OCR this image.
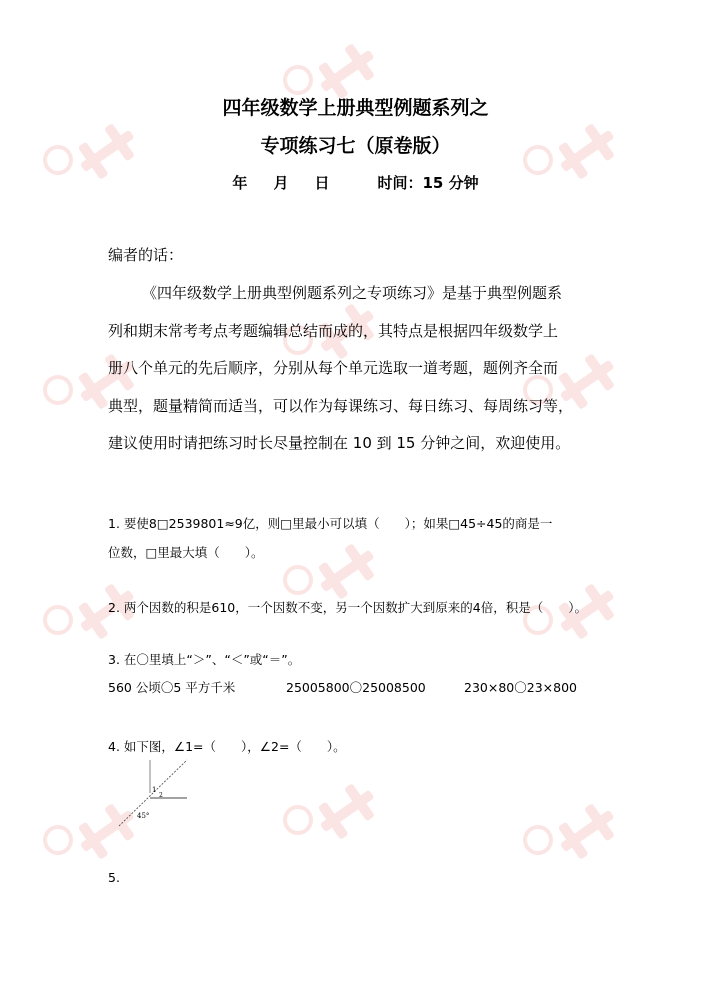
四年级数学上册典型例题系列之
专项练习七（原卷版）
年 月 日	时间：15 分钟
编者的话：
《四年级数学上册典型例题系列之专项练习》是基于典型例题系
列和期末常考考点考题编辑总结而成的，其特点是根据四年级数学上
册八个单元的先后顺序，分别从每个单元选取一道考题，题例齐全而
典型，题量精简而适当，可以作为每课练习、每日练习、每周练习等，
建议使用时请把练习时长尽量控制在 10 到 15 分钟之间，欢迎使用。
1. 要使8□2539801≈9亿，则□里最小可以填（　　）；如果□45÷45的商是一
位数，□里最大填（　　）。
2. 两个因数的积是610，一个因数不变，另一个因数扩大到原来的4倍，积是（　　）。
3. 在〇里填上“＞”、“＜”或“＝”。
560 公顷〇5 平方千米	25005800〇25008500	230×80〇23×800
4. 如下图，∠1=（　　），∠2=（　　）。
1
2
45°
5.
